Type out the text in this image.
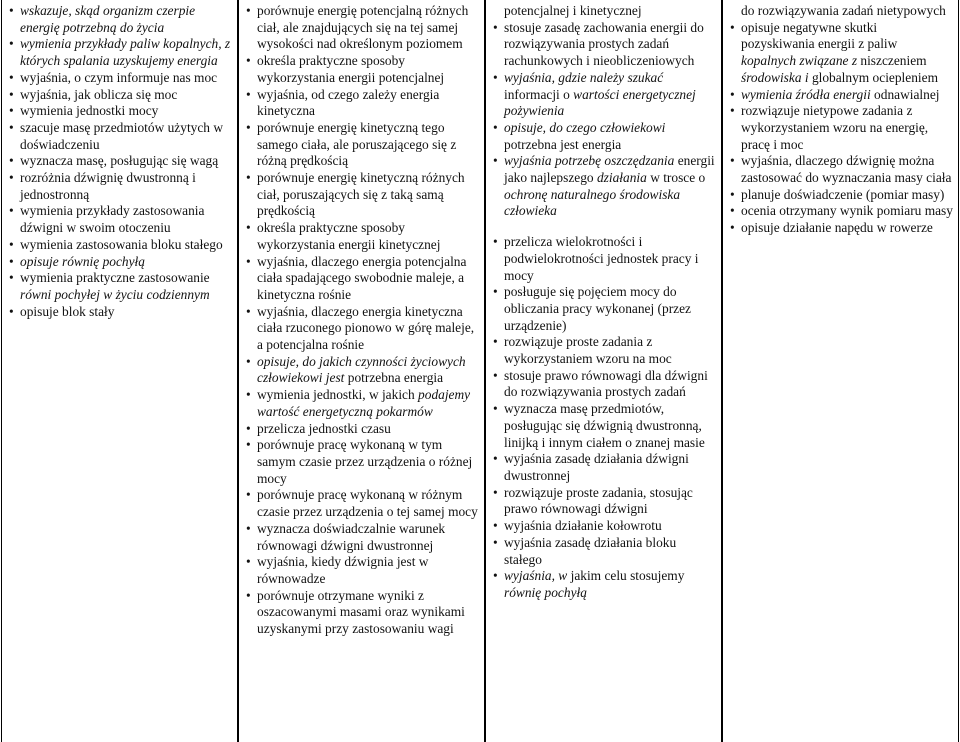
• wskazuje, skąd organizm czerpie energię potrzebną do życia
• wymienia przykłady paliw kopalnych, z których spalania uzyskujemy energia
• wyjaśnia, o czym informuje nas moc
• wyjaśnia, jak oblicza się moc
• wymienia jednostki mocy
• szacuje masę przedmiotów użytych w doświadczeniu
• wyznacza masę, posługując się wagą
• rozróżnia dźwignię dwustronną i jednostronną
• wymienia przykłady zastosowania dźwigni w swoim otoczeniu
• wymienia zastosowania bloku stałego
• opisuje równię pochyłą
• wymienia praktyczne zastosowanie równi pochyłej w życiu codziennym
• opisuje blok stały
• porównuje energię potencjalną różnych ciał, ale znajdujących się na tej samej wysokości nad określonym poziomem
• określa praktyczne sposoby wykorzystania energii potencjalnej
• wyjaśnia, od czego zależy energia kinetyczna
• porównuje energię kinetyczną tego samego ciała, ale poruszającego się z różną prędkością
• porównuje energię kinetyczną różnych ciał, poruszających się z taką samą prędkością
• określa praktyczne sposoby wykorzystania energii kinetycznej
• wyjaśnia, dlaczego energia potencjalna ciała spadającego swobodnie maleje, a kinetyczna rośnie
• wyjaśnia, dlaczego energia kinetyczna ciała rzuconego pionowo w górę maleje, a potencjalna rośnie
• opisuje, do jakich czynności życiowych człowiekowi jest potrzebna energia
• wymienia jednostki, w jakich podajemy wartość energetyczną pokarmów
• przelicza jednostki czasu
• porównuje pracę wykonaną w tym samym czasie przez urządzenia o różnej mocy
• porównuje pracę wykonaną w różnym czasie przez urządzenia o tej samej mocy
• wyznacza doświadczalnie warunek równowagi dźwigni dwustronnej
• wyjaśnia, kiedy dźwignia jest w równowadze
• porównuje otrzymane wyniki z oszacowanymi masami oraz wynikami uzyskanymi przy zastosowaniu wagi
potencjalnej i kinetycznej
• stosuje zasadę zachowania energii do rozwiązywania prostych zadań rachunkowych i nieobliczeniowych
• wyjaśnia, gdzie należy szukać informacji o wartości energetycznej pożywienia
• opisuje, do czego człowiekowi potrzebna jest energia
• wyjaśnia potrzebę oszczędzania energii jako najlepszego działania w trosce o ochronę naturalnego środowiska człowieka
• przelicza wielokrotności i podwielokrotności jednostek pracy i mocy
• posługuje się pojęciem mocy do obliczania pracy wykonanej (przez urządzenie)
• rozwiązuje proste zadania z wykorzystaniem wzoru na moc
• stosuje prawo równowagi dla dźwigni do rozwiązywania prostych zadań
• wyznacza masę przedmiotów, posługując się dźwignią dwustronną, linijką i innym ciałem o znanej masie
• wyjaśnia zasadę działania dźwigni dwustronnej
• rozwiązuje proste zadania, stosując prawo równowagi dźwigni
• wyjaśnia działanie kołowrotu
• wyjaśnia zasadę działania bloku stałego
• wyjaśnia, w jakim celu stosujemy równię pochyłą
do rozwiązywania zadań nietypowych
• opisuje negatywne skutki pozyskiwania energii z paliw kopalnych związane z niszczeniem środowiska i globalnym ociepleniem
• wymienia źródła energii odnawialnej
• rozwiązuje nietypowe zadania z wykorzystaniem wzoru na energię, pracę i moc
• wyjaśnia, dlaczego dźwignię można zastosować do wyznaczania masy ciała
• planuje doświadczenie (pomiar masy)
• ocenia otrzymany wynik pomiaru masy
• opisuje działanie napędu w rowerze
